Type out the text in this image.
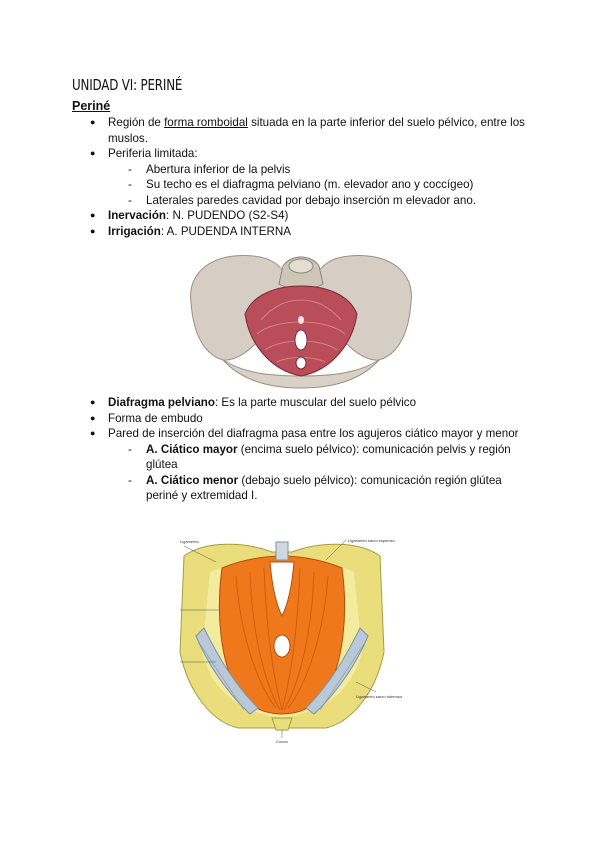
UNIDAD VI: PERINÉ
Periné
● Región de forma romboidal situada en la parte inferior del suelo pélvico, entre los muslos.
● Periferia limitada:
- Abertura inferior de la pelvis
- Su techo es el diafragma pelviano (m. elevador ano y coccígeo)
- Laterales paredes cavidad por debajo inserción m elevador ano.
● Inervación: N. PUDENDO (S2-S4)
● Irrigación: A. PUDENDA INTERNA
● Diafragma pelviano: Es la parte muscular del suelo pélvico
● Forma de embudo
● Pared de inserción del diafragma pasa entre los agujeros ciático mayor y menor
- A. Ciático mayor (encima suelo pélvico): comunicación pelvis y región glútea
- A. Ciático menor (debajo suelo pélvico): comunicación región glútea periné y extremidad I.
Ligamento	Ligamento sacro espinoso
Ligamento sacro tuberoso
Cóccix
